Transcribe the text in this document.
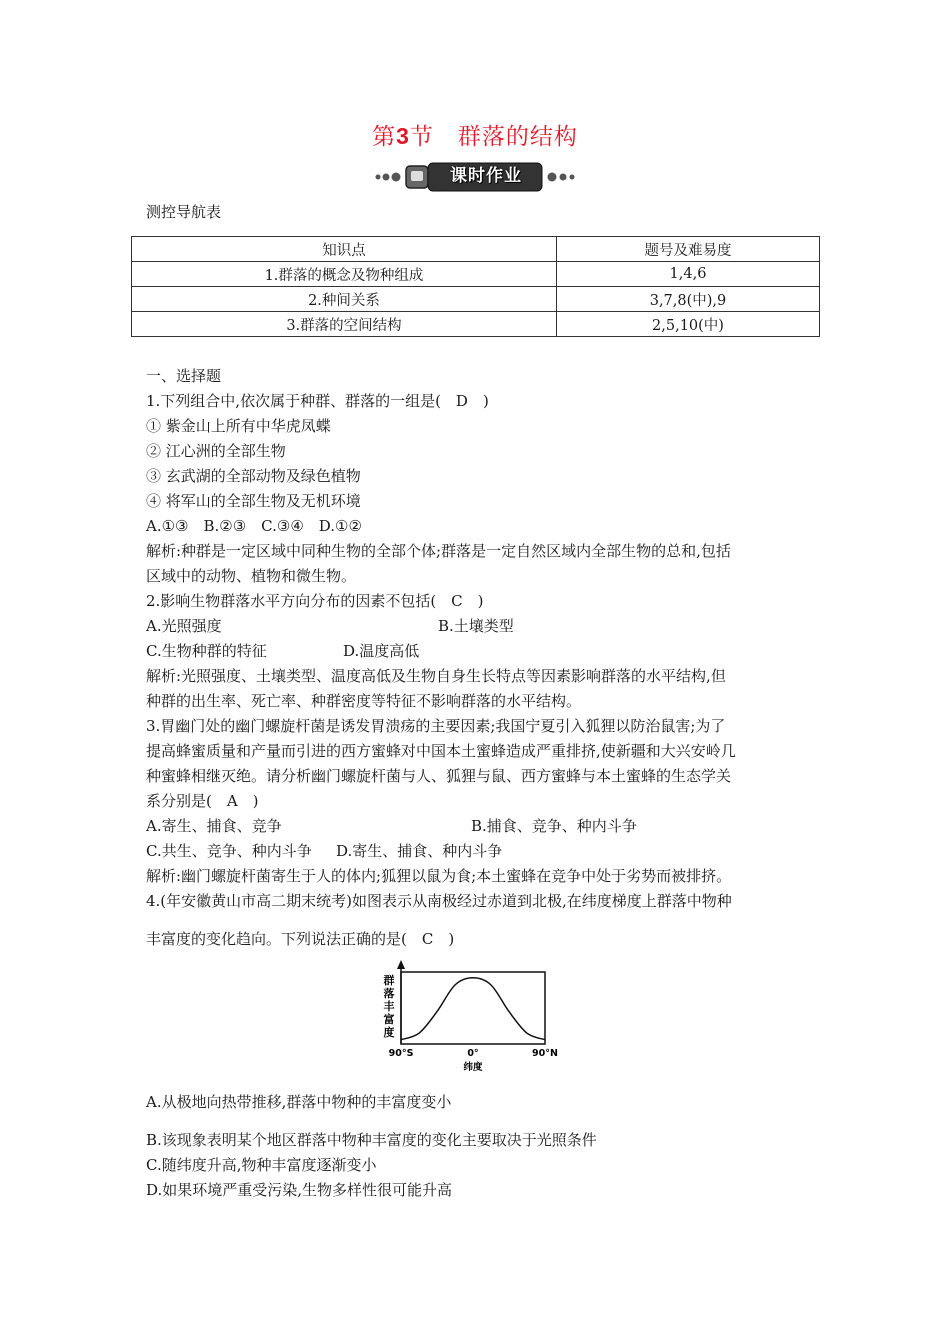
第3节　群落的结构
课时作业
测控导航表
知识点	题号及难易度
1.群落的概念及物种组成	1,4,6
2.种间关系	3,7,8(中),9
3.群落的空间结构	2,5,10(中)

一、选择题

1.下列组合中,依次属于种群、群落的一组是(　D　)

① 紫金山上所有中华虎凤蝶

② 江心洲的全部生物

③ 玄武湖的全部动物及绿色植物

④ 将军山的全部生物及无机环境

A.①③　B.②③　C.③④　D.①②

解析:种群是一定区域中同种生物的全部个体;群落是一定自然区域内全部生物的总和,包括

区域中的动物、植物和微生物。

2.影响生物群落水平方向分布的因素不包括(　C　)

A.光照强度	B.土壤类型

C.生物种群的特征	D.温度高低

解析:光照强度、土壤类型、温度高低及生物自身生长特点等因素影响群落的水平结构,但

种群的出生率、死亡率、种群密度等特征不影响群落的水平结构。

3.胃幽门处的幽门螺旋杆菌是诱发胃溃疡的主要因素;我国宁夏引入狐狸以防治鼠害;为了

提高蜂蜜质量和产量而引进的西方蜜蜂对中国本土蜜蜂造成严重排挤,使新疆和大兴安岭几

种蜜蜂相继灭绝。请分析幽门螺旋杆菌与人、狐狸与鼠、西方蜜蜂与本土蜜蜂的生态学关

系分别是(　A　)

A.寄生、捕食、竞争	B.捕食、竞争、种内斗争

C.共生、竞争、种内斗争 D.寄生、捕食、种内斗争

解析:幽门螺旋杆菌寄生于人的体内;狐狸以鼠为食;本土蜜蜂在竞争中处于劣势而被排挤。

4.(年安徽黄山市高二期末统考)如图表示从南极经过赤道到北极,在纬度梯度上群落中物种

丰富度的变化趋向。下列说法正确的是(　C　)

群
落
丰
富
度
90°S	0°	90°N
纬度

A.从极地向热带推移,群落中物种的丰富度变小

B.该现象表明某个地区群落中物种丰富度的变化主要取决于光照条件

C.随纬度升高,物种丰富度逐渐变小

D.如果环境严重受污染,生物多样性很可能升高
